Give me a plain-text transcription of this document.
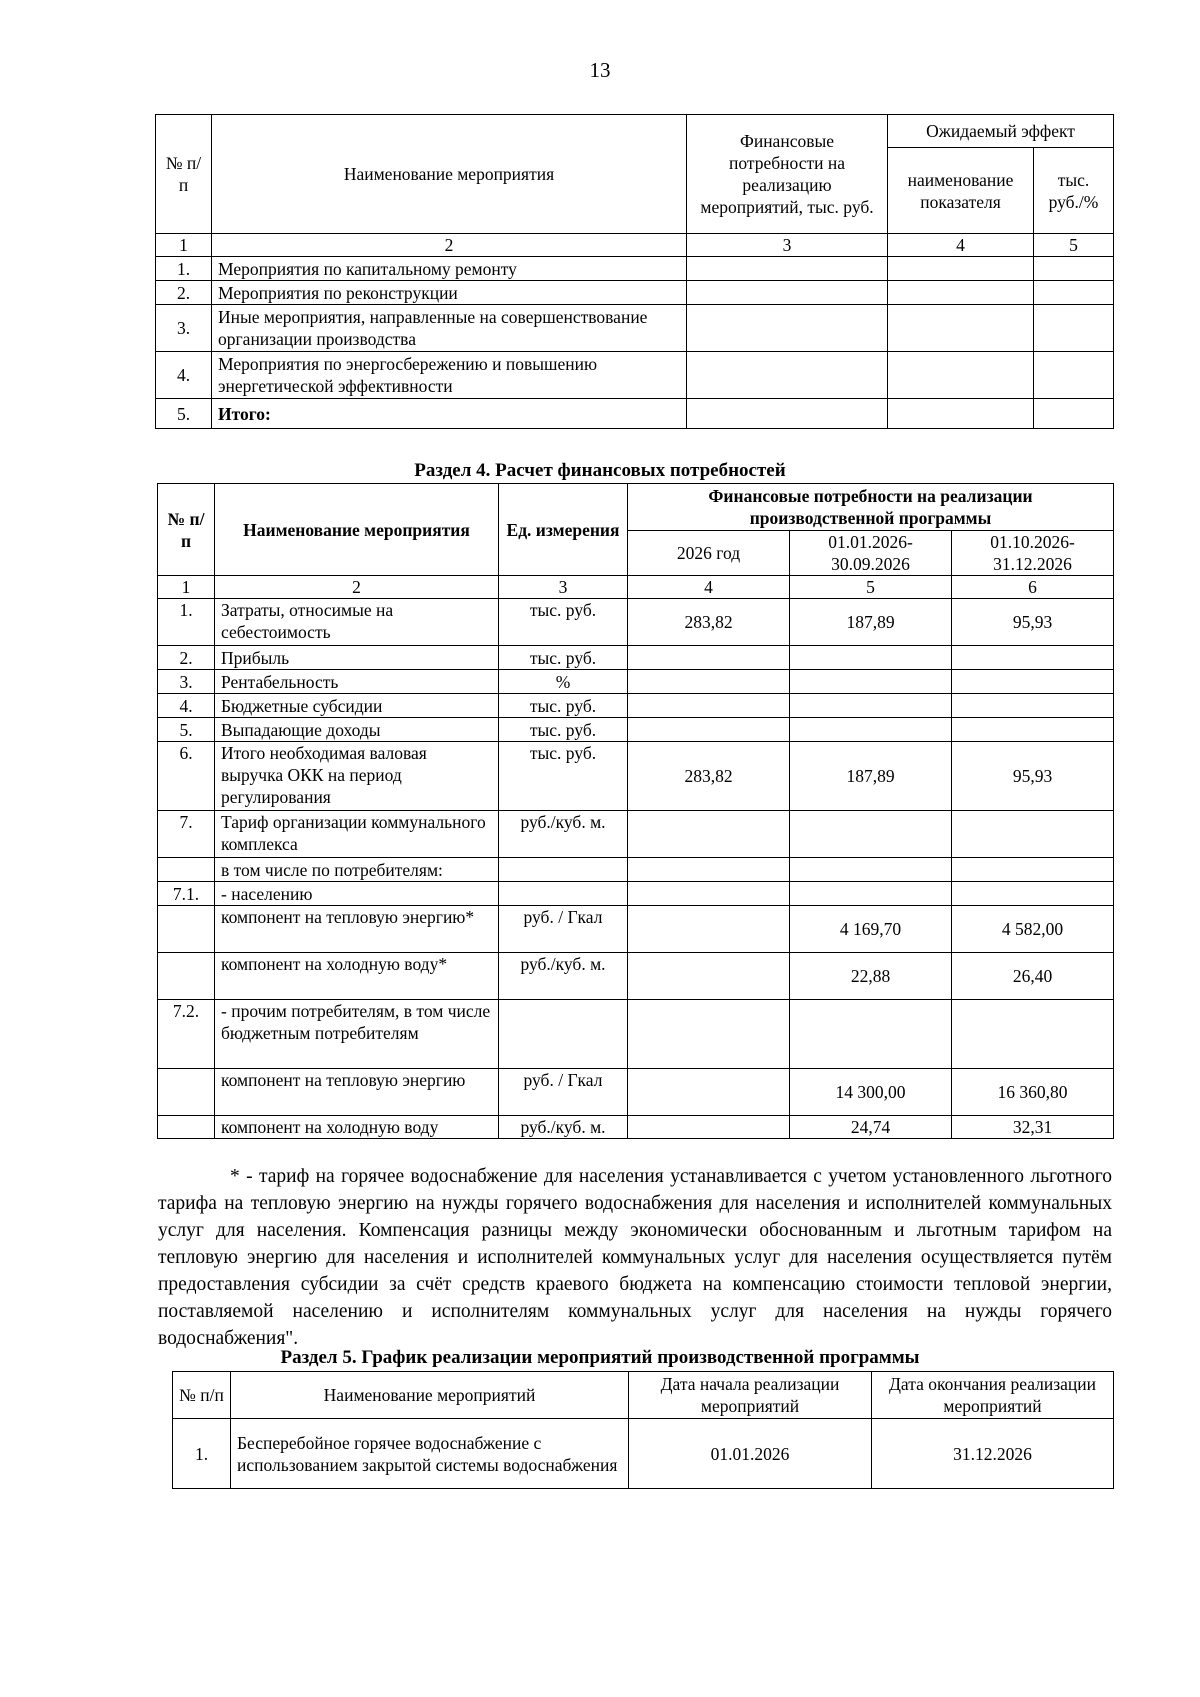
13
№ п/п	Наименование мероприятия	Финансовые потребности на реализацию мероприятий, тыс. руб.	Ожидаемый эффект	
			наименование показателя	тыс. руб./%
1	2	3	4	5
1.	Мероприятия по капитальному ремонту			
2.	Мероприятия по реконструкции			
3.	Иные мероприятия, направленные на совершенствование организации производства			
4.	Мероприятия по энергосбережению и повышению энергетической эффективности			
5.	Итого:			
Раздел 4. Расчет финансовых потребностей
№ п/п	Наименование мероприятия	Ед. измерения	Финансовые потребности на реализации производственной программы		
			2026 год	01.01.2026-30.09.2026	01.10.2026-31.12.2026
1	2	3	4	5	6
1.	Затраты, относимые на себестоимость	тыс. руб.	283,82	187,89	95,93
2.	Прибыль	тыс. руб.			
3.	Рентабельность	%			
4.	Бюджетные субсидии	тыс. руб.			
5.	Выпадающие доходы	тыс. руб.			
6.	Итого необходимая валовая выручка ОКК на период регулирования	тыс. руб.	283,82	187,89	95,93
7.	Тариф организации коммунального комплекса	руб./куб. м.			
	в том числе по потребителям:				
7.1.	- населению				
	компонент на тепловую энергию*	руб. / Гкал		4 169,70	4 582,00
	компонент на холодную воду*	руб./куб. м.		22,88	26,40
7.2.	- прочим потребителям, в том числе бюджетным потребителям				
	компонент на тепловую энергию	руб. / Гкал		14 300,00	16 360,80
	компонент на холодную воду	руб./куб. м.		24,74	32,31
* - тариф на горячее водоснабжение для населения устанавливается с учетом установленного льготного тарифа на тепловую энергию на нужды горячего водоснабжения для населения и исполнителей коммунальных услуг для населения. Компенсация разницы между экономически обоснованным и льготным тарифом на тепловую энергию для населения и исполнителей коммунальных услуг для населения осуществляется путём предоставления субсидии за счёт средств краевого бюджета на компенсацию стоимости тепловой энергии, поставляемой населению и исполнителям коммунальных услуг для населения на нужды горячего водоснабжения".
Раздел 5. График реализации мероприятий производственной программы
№ п/п	Наименование мероприятий	Дата начала реализации мероприятий	Дата окончания реализации мероприятий
1.	Бесперебойное горячее водоснабжение с использованием закрытой системы водоснабжения	01.01.2026	31.12.2026
